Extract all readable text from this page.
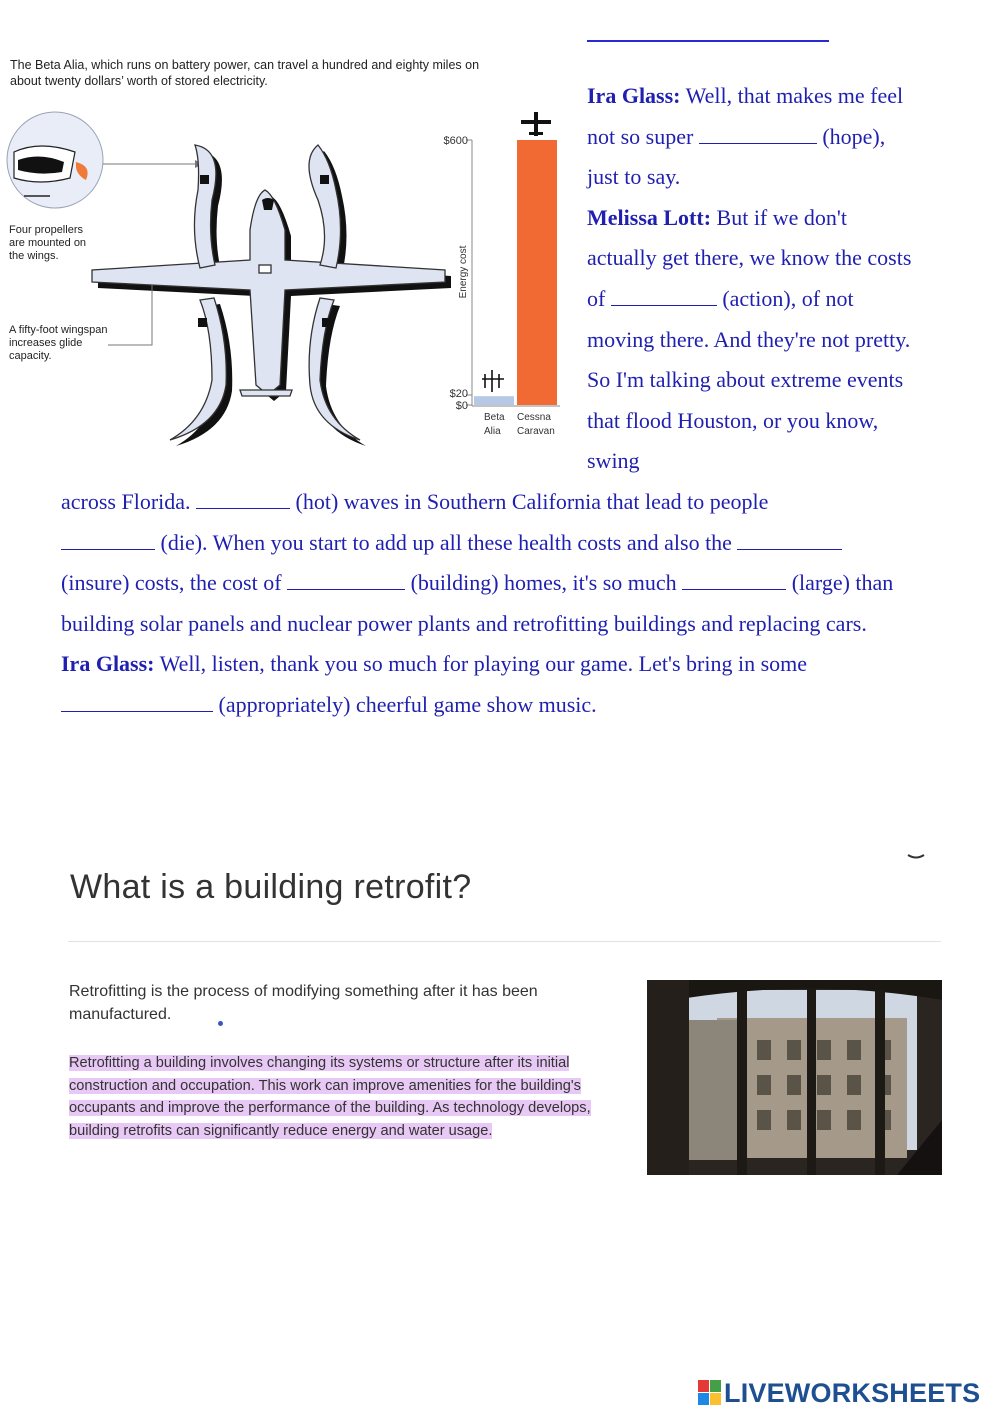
The Beta Alia, which runs on battery power, can travel a hundred and eighty miles on about twenty dollars’ worth of stored electricity.
Energy cost
$600
$20
$0
Beta
Alia
Cessna
Caravan
Four propellers are mounted on the wings.
A fifty-foot wingspan increases glide capacity.
Ira Glass: Well, that makes me feel not so super	(hope), just to say.
Melissa Lott: But if we don't actually get there, we know the costs of	(action), of not moving there. And they're not pretty. So I'm talking about extreme events that flood Houston, or you know, swing
across Florida.	(hot) waves in Southern California that lead to people
(die). When you start to add up all these health costs and also the
(insure) costs, the cost of	(building) homes, it's so much	(large) than building solar panels and nuclear power plants and retrofitting buildings and replacing cars.
Ira Glass: Well, listen, thank you so much for playing our game. Let's bring in some
(appropriately) cheerful game show music.
What is a building retrofit?
Retrofitting is the process of modifying something after it has been manufactured.
Retrofitting a building involves changing its systems or structure after its initial construction and occupation. This work can improve amenities for the building's occupants and improve the performance of the building. As technology develops, building retrofits can significantly reduce energy and water usage.
LIVEWORKSHEETS
